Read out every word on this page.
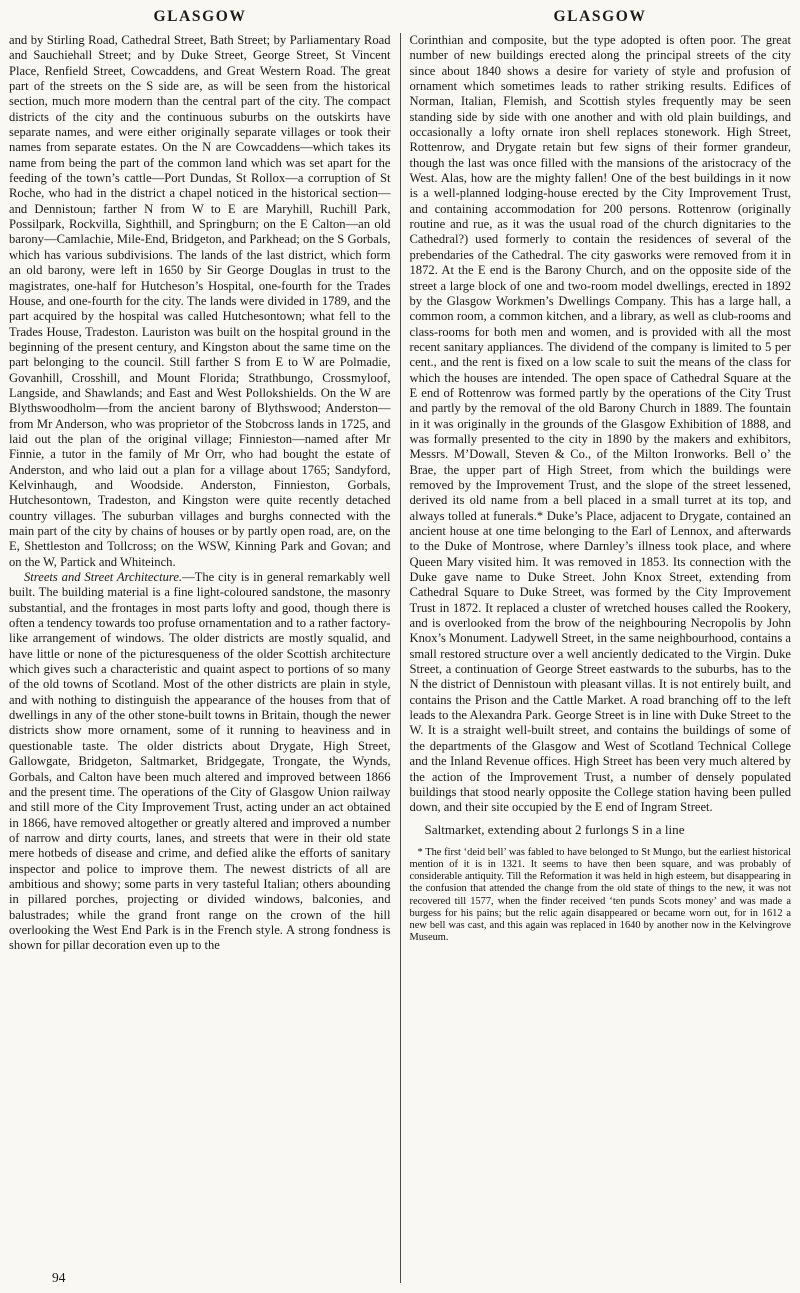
GLASGOW	GLASGOW

and by Stirling Road, Cathedral Street, Bath Street; by Parliamentary Road and Sauchiehall Street; and by Duke Street, George Street, St Vincent Place, Renfield Street, Cowcaddens, and Great Western Road. The great part of the streets on the S side are, as will be seen from the historical section, much more modern than the central part of the city. The compact districts of the city and the continuous suburbs on the outskirts have separate names, and were either originally separate villages or took their names from separate estates. On the N are Cowcaddens—which takes its name from being the part of the common land which was set apart for the feeding of the town’s cattle—Port Dundas, St Rollox—a corruption of St Roche, who had in the district a chapel noticed in the historical section—and Dennistoun; farther N from W to E are Maryhill, Ruchill Park, Possilpark, Rockvilla, Sighthill, and Springburn; on the E Calton—an old barony—Camlachie, Mile-End, Bridgeton, and Parkhead; on the S Gorbals, which has various subdivisions. The lands of the last district, which form an old barony, were left in 1650 by Sir George Douglas in trust to the magistrates, one-half for Hutcheson’s Hospital, one-fourth for the Trades House, and one-fourth for the city. The lands were divided in 1789, and the part acquired by the hospital was called Hutchesontown; what fell to the Trades House, Tradeston. Lauriston was built on the hospital ground in the beginning of the present century, and Kingston about the same time on the part belonging to the council. Still farther S from E to W are Polmadie, Govanhill, Crosshill, and Mount Florida; Strathbungo, Crossmyloof, Langside, and Shawlands; and East and West Pollokshields. On the W are Blythswoodholm—from the ancient barony of Blythswood; Anderston—from Mr Anderson, who was proprietor of the Stobcross lands in 1725, and laid out the plan of the original village; Finnieston—named after Mr Finnie, a tutor in the family of Mr Orr, who had bought the estate of Anderston, and who laid out a plan for a village about 1765; Sandyford, Kelvinhaugh, and Woodside. Anderston, Finnieston, Gorbals, Hutchesontown, Tradeston, and Kingston were quite recently detached country villages. The suburban villages and burghs connected with the main part of the city by chains of houses or by partly open road, are, on the E, Shettleston and Tollcross; on the WSW, Kinning Park and Govan; and on the W, Partick and Whiteinch.

Streets and Street Architecture.—The city is in general remarkably well built. The building material is a fine light-coloured sandstone, the masonry substantial, and the frontages in most parts lofty and good, though there is often a tendency towards too profuse ornamentation and to a rather factory-like arrangement of windows. The older districts are mostly squalid, and have little or none of the picturesqueness of the older Scottish architecture which gives such a characteristic and quaint aspect to portions of so many of the old towns of Scotland. Most of the other districts are plain in style, and with nothing to distinguish the appearance of the houses from that of dwellings in any of the other stone-built towns in Britain, though the newer districts show more ornament, some of it running to heaviness and in questionable taste. The older districts about Drygate, High Street, Gallowgate, Bridgeton, Saltmarket, Bridgegate, Trongate, the Wynds, Gorbals, and Calton have been much altered and improved between 1866 and the present time. The operations of the City of Glasgow Union railway and still more of the City Improvement Trust, acting under an act obtained in 1866, have removed altogether or greatly altered and improved a number of narrow and dirty courts, lanes, and streets that were in their old state mere hotbeds of disease and crime, and defied alike the efforts of sanitary inspector and police to improve them. The newest districts of all are ambitious and showy; some parts in very tasteful Italian; others abounding in pillared porches, projecting or divided windows, balconies, and balustrades; while the grand front range on the crown of the hill overlooking the West End Park is in the French style. A strong fondness is shown for pillar decoration even up to the

Corinthian and composite, but the type adopted is often poor. The great number of new buildings erected along the principal streets of the city since about 1840 shows a desire for variety of style and profusion of ornament which sometimes leads to rather striking results. Edifices of Norman, Italian, Flemish, and Scottish styles frequently may be seen standing side by side with one another and with old plain buildings, and occasionally a lofty ornate iron shell replaces stonework. High Street, Rottenrow, and Drygate retain but few signs of their former grandeur, though the last was once filled with the mansions of the aristocracy of the West. Alas, how are the mighty fallen! One of the best buildings in it now is a well-planned lodging-house erected by the City Improvement Trust, and containing accommodation for 200 persons. Rottenrow (originally routine and rue, as it was the usual road of the church dignitaries to the Cathedral?) used formerly to contain the residences of several of the prebendaries of the Cathedral. The city gasworks were removed from it in 1872. At the E end is the Barony Church, and on the opposite side of the street a large block of one and two-room model dwellings, erected in 1892 by the Glasgow Workmen’s Dwellings Company. This has a large hall, a common room, a common kitchen, and a library, as well as club-rooms and class-rooms for both men and women, and is provided with all the most recent sanitary appliances. The dividend of the company is limited to 5 per cent., and the rent is fixed on a low scale to suit the means of the class for which the houses are intended. The open space of Cathedral Square at the E end of Rottenrow was formed partly by the operations of the City Trust and partly by the removal of the old Barony Church in 1889. The fountain in it was originally in the grounds of the Glasgow Exhibition of 1888, and was formally presented to the city in 1890 by the makers and exhibitors, Messrs. M’Dowall, Steven & Co., of the Milton Ironworks. Bell o’ the Brae, the upper part of High Street, from which the buildings were removed by the Improvement Trust, and the slope of the street lessened, derived its old name from a bell placed in a small turret at its top, and always tolled at funerals.* Duke’s Place, adjacent to Drygate, contained an ancient house at one time belonging to the Earl of Lennox, and afterwards to the Duke of Montrose, where Darnley’s illness took place, and where Queen Mary visited him. It was removed in 1853. Its connection with the Duke gave name to Duke Street. John Knox Street, extending from Cathedral Square to Duke Street, was formed by the City Improvement Trust in 1872. It replaced a cluster of wretched houses called the Rookery, and is overlooked from the brow of the neighbouring Necropolis by John Knox’s Monument. Ladywell Street, in the same neighbourhood, contains a small restored structure over a well anciently dedicated to the Virgin. Duke Street, a continuation of George Street eastwards to the suburbs, has to the N the district of Dennistoun with pleasant villas. It is not entirely built, and contains the Prison and the Cattle Market. A road branching off to the left leads to the Alexandra Park. George Street is in line with Duke Street to the W. It is a straight well-built street, and contains the buildings of some of the departments of the Glasgow and West of Scotland Technical College and the Inland Revenue offices. High Street has been very much altered by the action of the Improvement Trust, a number of densely populated buildings that stood nearly opposite the College station having been pulled down, and their site occupied by the E end of Ingram Street.

Saltmarket, extending about 2 furlongs S in a line

* The first ‘deid bell’ was fabled to have belonged to St Mungo, but the earliest historical mention of it is in 1321. It seems to have then been square, and was probably of considerable antiquity. Till the Reformation it was held in high esteem, but disappearing in the confusion that attended the change from the old state of things to the new, it was not recovered till 1577, when the finder received ‘ten punds Scots money’ and was made a burgess for his pains; but the relic again disappeared or became worn out, for in 1612 a new bell was cast, and this again was replaced in 1640 by another now in the Kelvingrove Museum.

94
